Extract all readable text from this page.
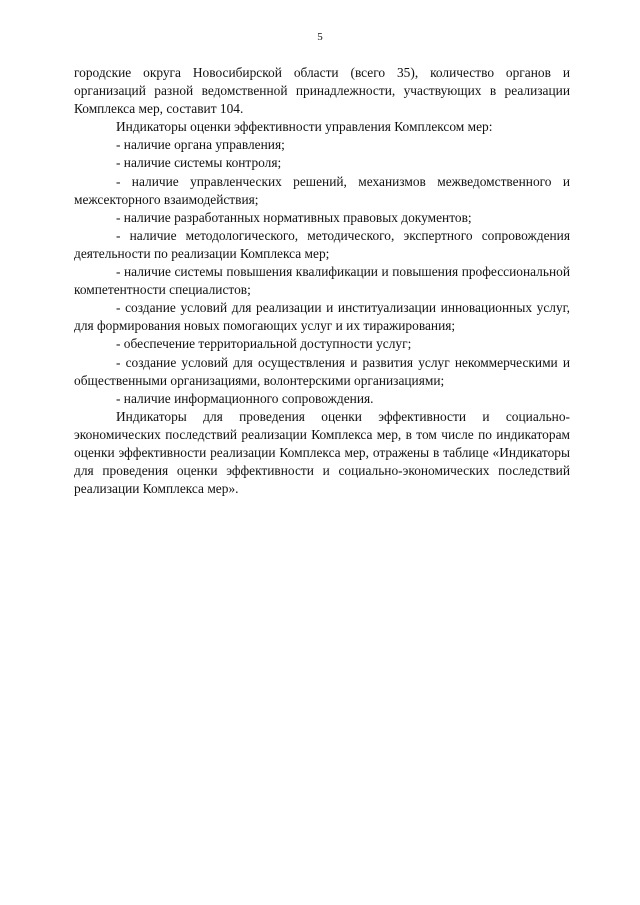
5

городские округа Новосибирской области (всего 35), количество органов и организаций разной ведомственной принадлежности, участвующих в реализации Комплекса мер, составит 104.

Индикаторы оценки эффективности управления Комплексом мер:

- наличие органа управления;

- наличие системы контроля;

- наличие управленческих решений, механизмов межведомственного и межсекторного взаимодействия;

- наличие разработанных нормативных правовых документов;

- наличие методологического, методического, экспертного сопровождения деятельности по реализации Комплекса мер;

- наличие системы повышения квалификации и повышения профессиональной компетентности специалистов;

- создание условий для реализации и институализации инновационных услуг, для формирования новых помогающих услуг и их тиражирования;

- обеспечение территориальной доступности услуг;

- создание условий для осуществления и развития услуг некоммерческими и общественными организациями, волонтерскими организациями;

- наличие информационного сопровождения.

Индикаторы для проведения оценки эффективности и социально-экономических последствий реализации Комплекса мер, в том числе по индикаторам оценки эффективности реализации Комплекса мер, отражены в таблице «Индикаторы для проведения оценки эффективности и социально-экономических последствий реализации Комплекса мер».
